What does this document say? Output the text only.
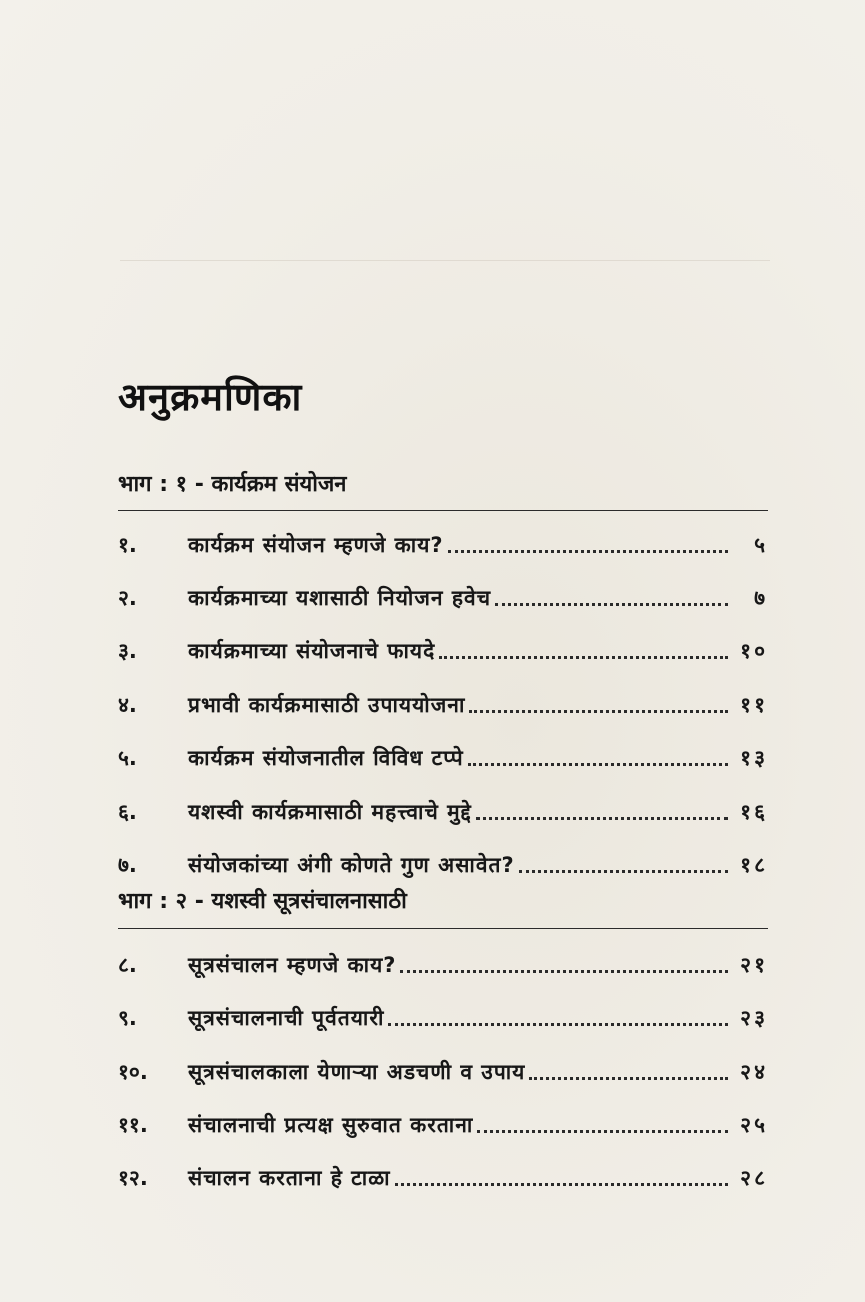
अनुक्रमणिका
भाग : १ - कार्यक्रम संयोजन
१.	कार्यक्रम संयोजन म्हणजे काय?	५
२.	कार्यक्रमाच्या यशासाठी नियोजन हवेच	७
३.	कार्यक्रमाच्या संयोजनाचे फायदे	१०
४.	प्रभावी कार्यक्रमासाठी उपाययोजना	११
५.	कार्यक्रम संयोजनातील विविध टप्पे	१३
६.	यशस्वी कार्यक्रमासाठी महत्त्वाचे मुद्दे	१६
७.	संयोजकांच्या अंगी कोणते गुण असावेत?	१८
भाग : २ - यशस्वी सूत्रसंचालनासाठी
८.	सूत्रसंचालन म्हणजे काय?	२१
९.	सूत्रसंचालनाची पूर्वतयारी	२३
१०.	सूत्रसंचालकाला येणाऱ्या अडचणी व उपाय	२४
११.	संचालनाची प्रत्यक्ष सुरुवात करताना	२५
१२.	संचालन करताना हे टाळा	२८
